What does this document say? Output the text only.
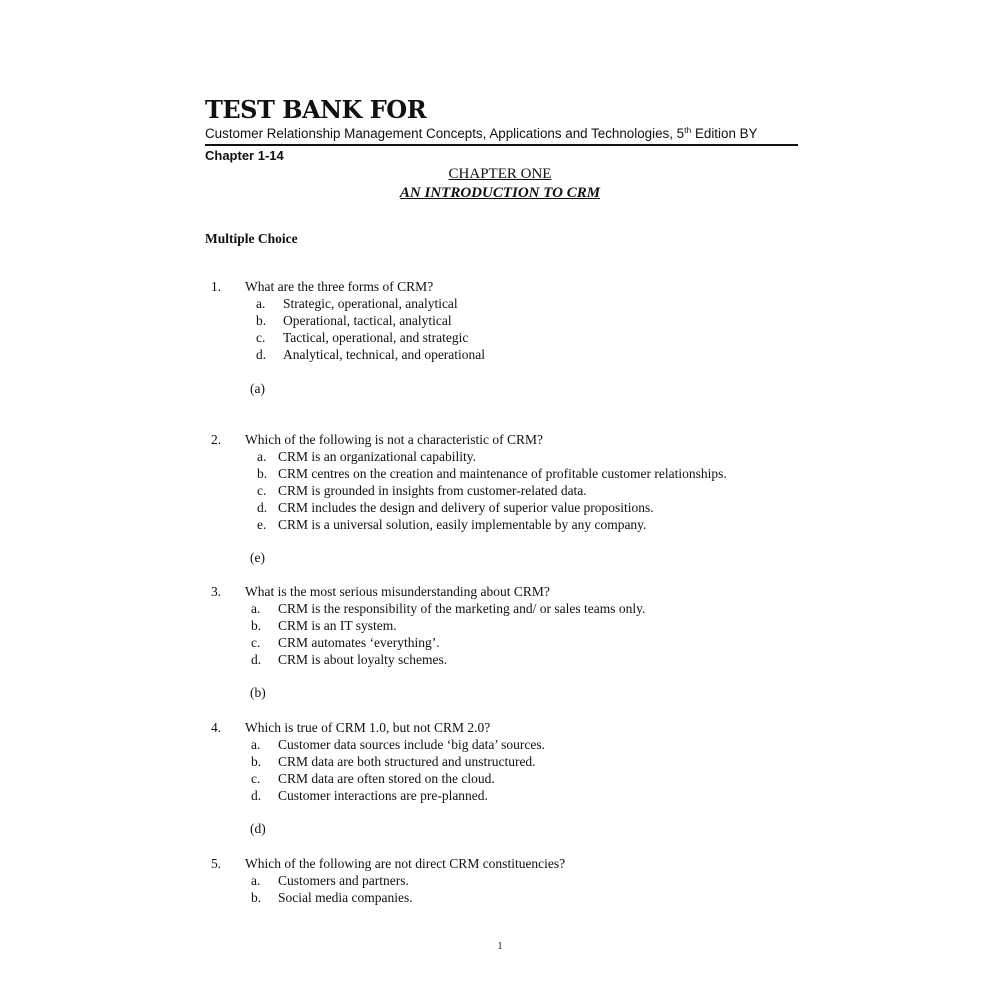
TEST BANK FOR
Customer Relationship Management Concepts, Applications and Technologies, 5th Edition BY
Chapter 1-14
CHAPTER ONE
AN INTRODUCTION TO CRM
Multiple Choice
1. What are the three forms of CRM?
a. Strategic, operational, analytical
b. Operational, tactical, analytical
c. Tactical, operational, and strategic
d. Analytical, technical, and operational
(a)
2. Which of the following is not a characteristic of CRM?
a. CRM is an organizational capability.
b. CRM centres on the creation and maintenance of profitable customer relationships.
c. CRM is grounded in insights from customer-related data.
d. CRM includes the design and delivery of superior value propositions.
e. CRM is a universal solution, easily implementable by any company.
(e)
3. What is the most serious misunderstanding about CRM?
a. CRM is the responsibility of the marketing and/ or sales teams only.
b. CRM is an IT system.
c. CRM automates ‘everything’.
d. CRM is about loyalty schemes.
(b)
4. Which is true of CRM 1.0, but not CRM 2.0?
a. Customer data sources include ‘big data’ sources.
b. CRM data are both structured and unstructured.
c. CRM data are often stored on the cloud.
d. Customer interactions are pre-planned.
(d)
5. Which of the following are not direct CRM constituencies?
a. Customers and partners.
b. Social media companies.
1
